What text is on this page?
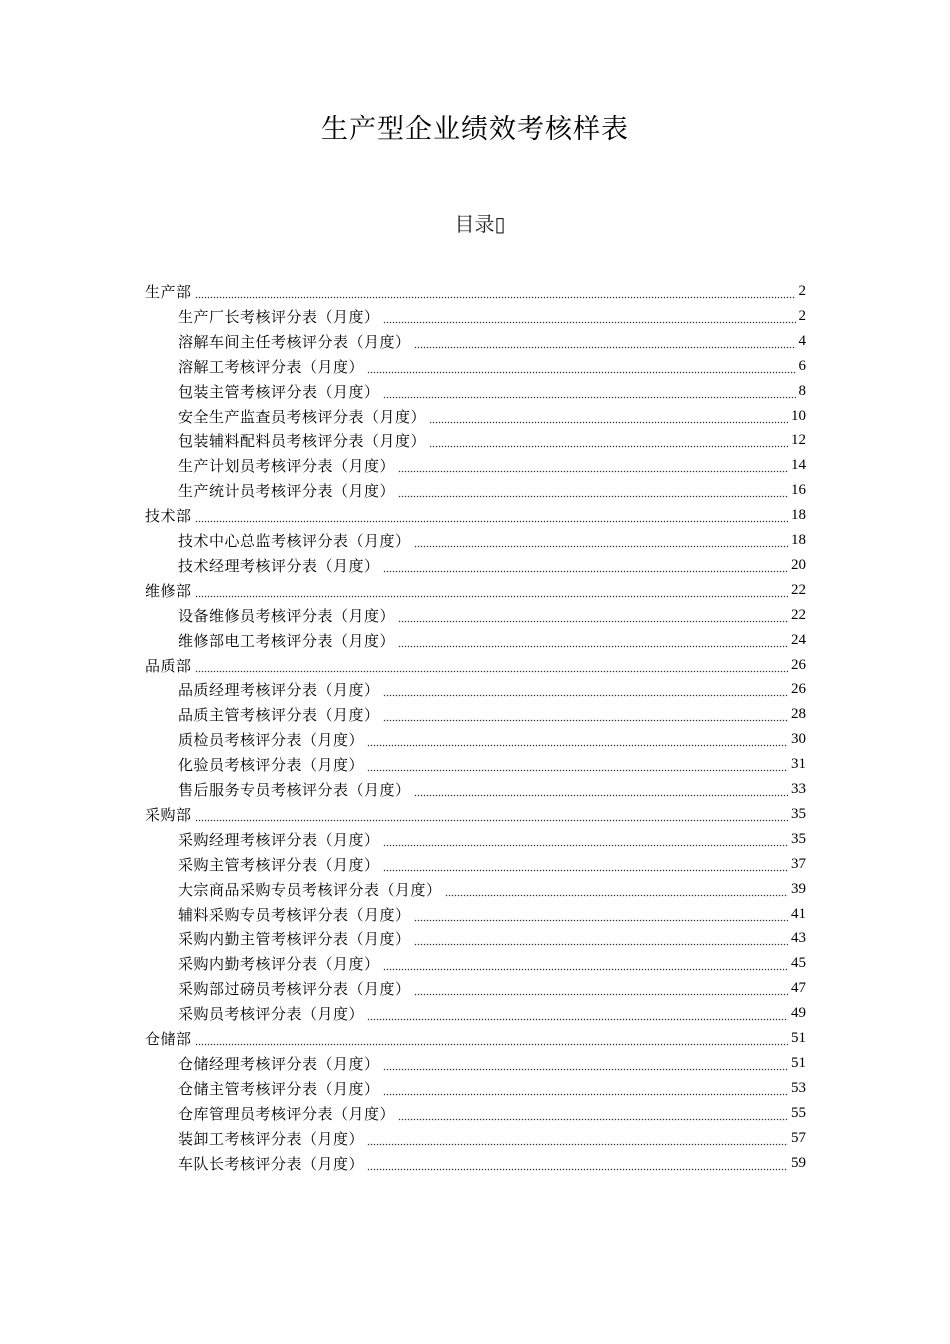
生产型企业绩效考核样表
目录▯
生产部	2
生产厂长考核评分表（月度）	2
溶解车间主任考核评分表（月度）	4
溶解工考核评分表（月度）	6
包装主管考核评分表（月度）	8
安全生产监查员考核评分表（月度）	10
包装辅料配料员考核评分表（月度）	12
生产计划员考核评分表（月度）	14
生产统计员考核评分表（月度）	16
技术部	18
技术中心总监考核评分表（月度）	18
技术经理考核评分表（月度）	20
维修部	22
设备维修员考核评分表（月度）	22
维修部电工考核评分表（月度）	24
品质部	26
品质经理考核评分表（月度）	26
品质主管考核评分表（月度）	28
质检员考核评分表（月度）	30
化验员考核评分表（月度）	31
售后服务专员考核评分表（月度）	33
采购部	35
采购经理考核评分表（月度）	35
采购主管考核评分表（月度）	37
大宗商品采购专员考核评分表（月度）	39
辅料采购专员考核评分表（月度）	41
采购内勤主管考核评分表（月度）	43
采购内勤考核评分表（月度）	45
采购部过磅员考核评分表（月度）	47
采购员考核评分表（月度）	49
仓储部	51
仓储经理考核评分表（月度）	51
仓储主管考核评分表（月度）	53
仓库管理员考核评分表（月度）	55
装卸工考核评分表（月度）	57
车队长考核评分表（月度）	59
